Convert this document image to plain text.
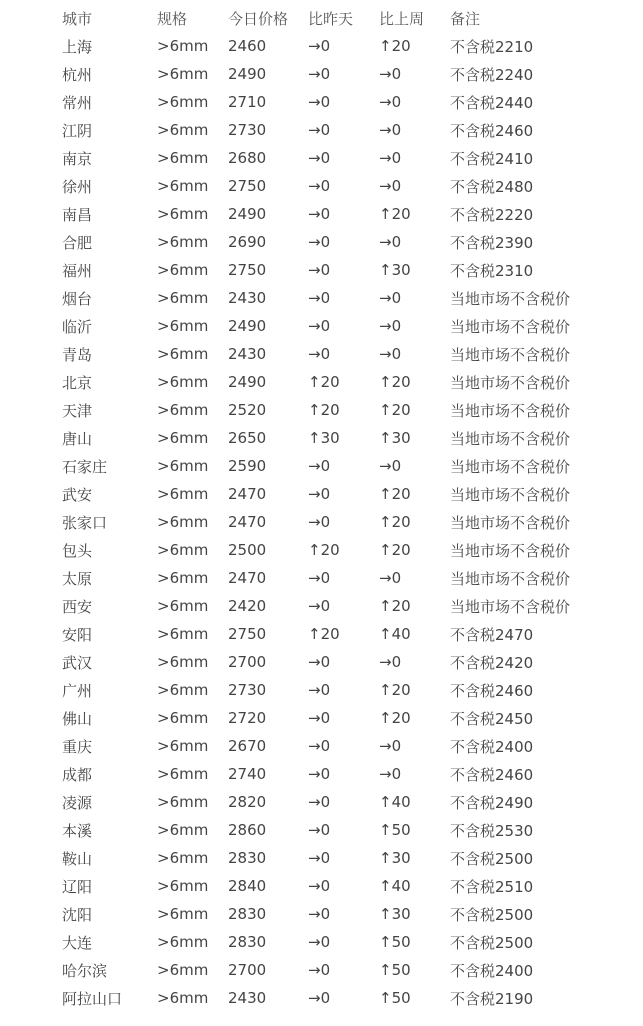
城市	规格	今日价格	比昨天	比上周	备注
上海	>6mm	2460	→0	↑20	不含税2210
杭州	>6mm	2490	→0	→0	不含税2240
常州	>6mm	2710	→0	→0	不含税2440
江阴	>6mm	2730	→0	→0	不含税2460
南京	>6mm	2680	→0	→0	不含税2410
徐州	>6mm	2750	→0	→0	不含税2480
南昌	>6mm	2490	→0	↑20	不含税2220
合肥	>6mm	2690	→0	→0	不含税2390
福州	>6mm	2750	→0	↑30	不含税2310
烟台	>6mm	2430	→0	→0	当地市场不含税价
临沂	>6mm	2490	→0	→0	当地市场不含税价
青岛	>6mm	2430	→0	→0	当地市场不含税价
北京	>6mm	2490	↑20	↑20	当地市场不含税价
天津	>6mm	2520	↑20	↑20	当地市场不含税价
唐山	>6mm	2650	↑30	↑30	当地市场不含税价
石家庄	>6mm	2590	→0	→0	当地市场不含税价
武安	>6mm	2470	→0	↑20	当地市场不含税价
张家口	>6mm	2470	→0	↑20	当地市场不含税价
包头	>6mm	2500	↑20	↑20	当地市场不含税价
太原	>6mm	2470	→0	→0	当地市场不含税价
西安	>6mm	2420	→0	↑20	当地市场不含税价
安阳	>6mm	2750	↑20	↑40	不含税2470
武汉	>6mm	2700	→0	→0	不含税2420
广州	>6mm	2730	→0	↑20	不含税2460
佛山	>6mm	2720	→0	↑20	不含税2450
重庆	>6mm	2670	→0	→0	不含税2400
成都	>6mm	2740	→0	→0	不含税2460
凌源	>6mm	2820	→0	↑40	不含税2490
本溪	>6mm	2860	→0	↑50	不含税2530
鞍山	>6mm	2830	→0	↑30	不含税2500
辽阳	>6mm	2840	→0	↑40	不含税2510
沈阳	>6mm	2830	→0	↑30	不含税2500
大连	>6mm	2830	→0	↑50	不含税2500
哈尔滨	>6mm	2700	→0	↑50	不含税2400
阿拉山口	>6mm	2430	→0	↑50	不含税2190
